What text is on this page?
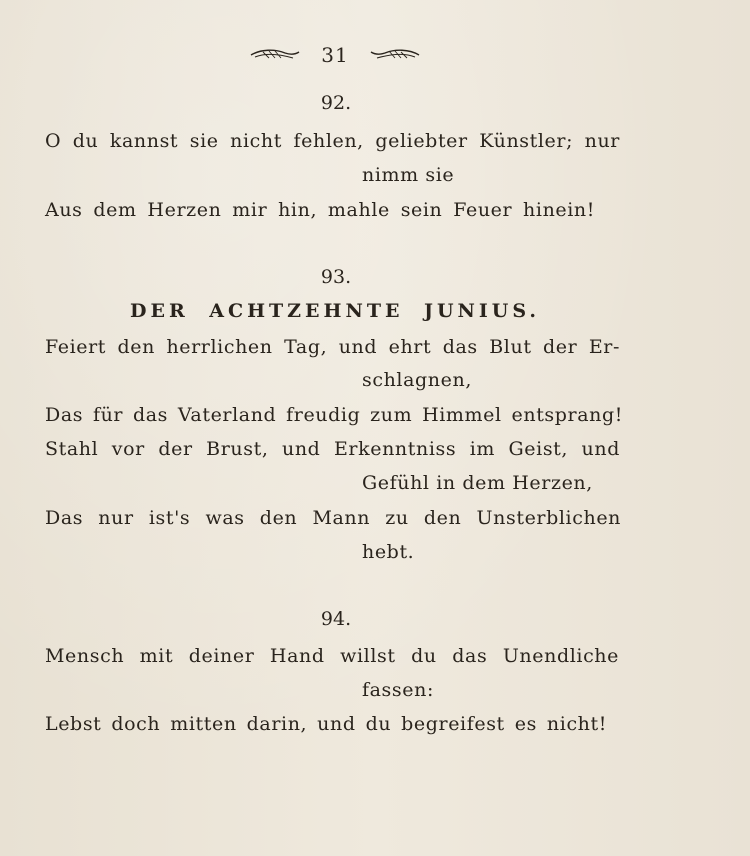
31
92.
O du kannst sie nicht fehlen, geliebter Künstler; nur
nimm sie
Aus dem Herzen mir hin, mahle sein Feuer hinein!
93.
DER ACHTZEHNTE JUNIUS.
Feiert den herrlichen Tag, und ehrt das Blut der Er-
schlagnen,
Das für das Vaterland freudig zum Himmel entsprang!
Stahl vor der Brust, und Erkenntniss im Geist, und
Gefühl in dem Herzen,
Das nur ist's was den Mann zu den Unsterblichen
hebt.
94.
Mensch mit deiner Hand willst du das Unendliche
fassen:
Lebst doch mitten darin, und du begreifest es nicht!
